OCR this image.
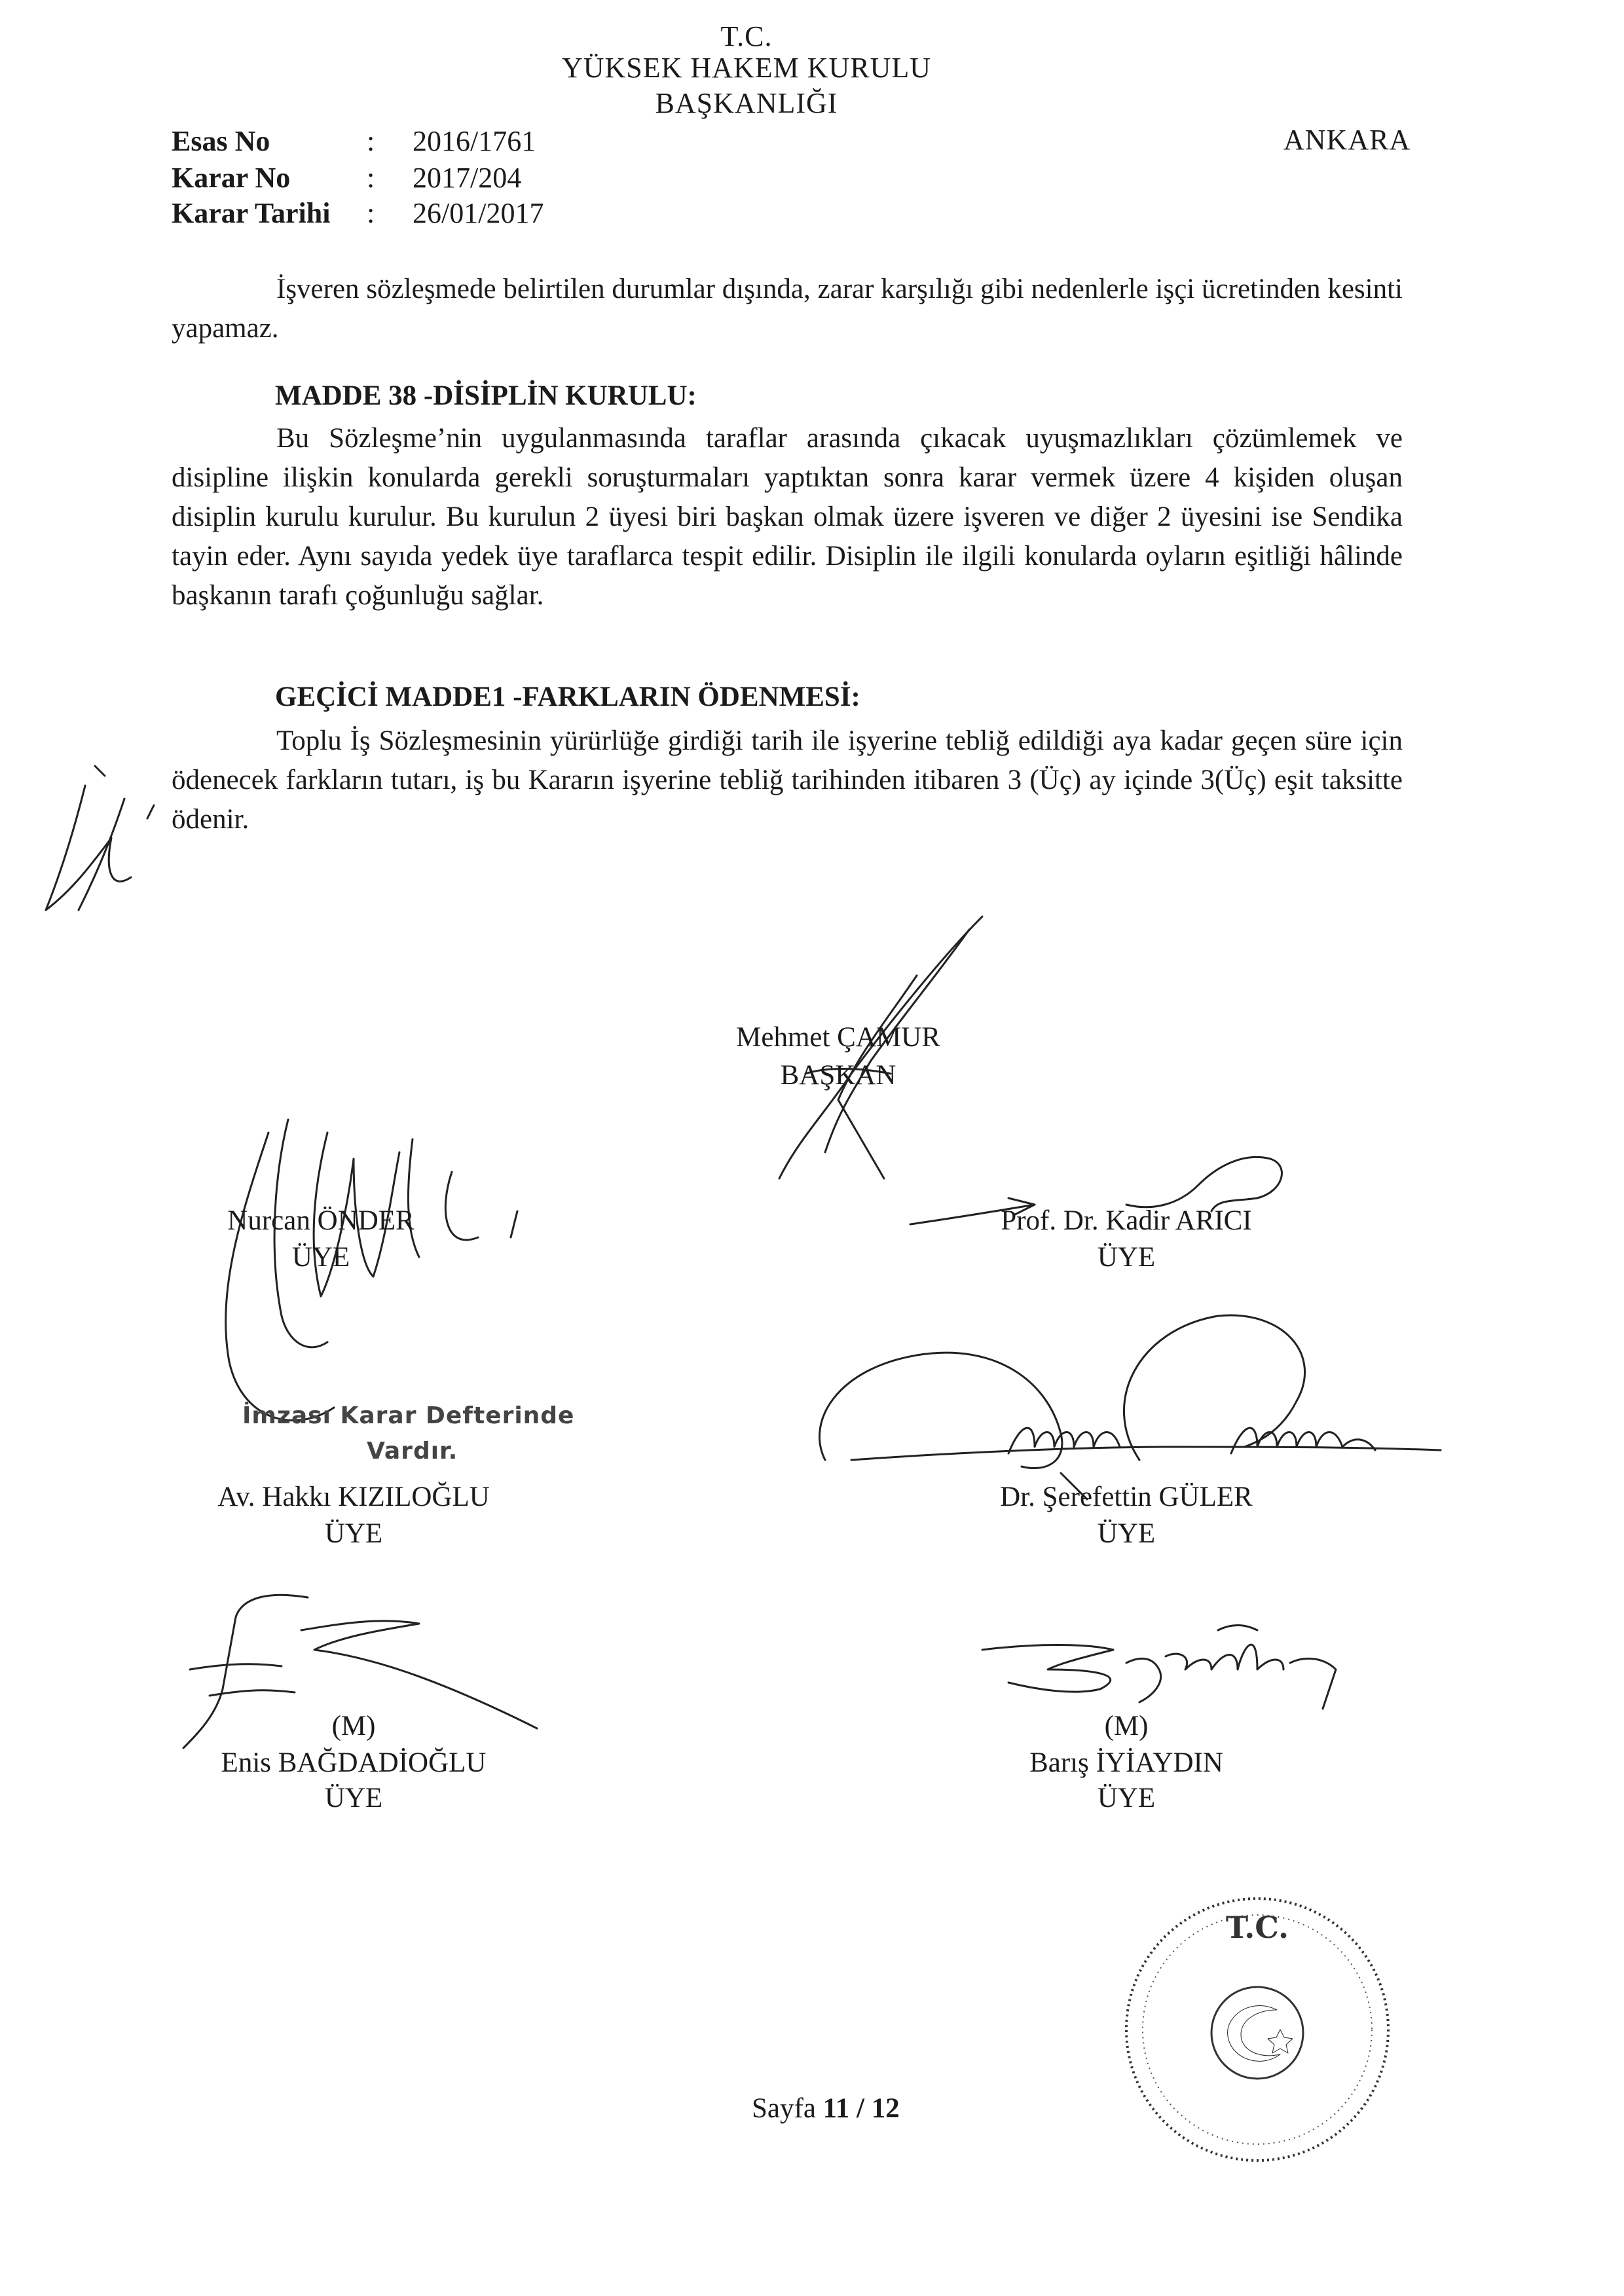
T.C.
YÜKSEK HAKEM KURULU
BAŞKANLIĞI
ANKARA
Esas No	: 2016/1761
Karar No	: 2017/204
Karar Tarihi : 26/01/2017
İşveren sözleşmede belirtilen durumlar dışında, zarar karşılığı gibi nedenlerle işçi ücretinden kesinti yapamaz.
MADDE 38 -DİSİPLİN KURULU:
Bu Sözleşme’nin uygulanmasında taraflar arasında çıkacak uyuşmazlıkları çözümlemek ve disipline ilişkin konularda gerekli soruşturmaları yaptıktan sonra karar vermek üzere 4 kişiden oluşan disiplin kurulu kurulur. Bu kurulun 2 üyesi biri başkan olmak üzere işveren ve diğer 2 üyesini ise Sendika tayin eder. Aynı sayıda yedek üye taraflarca tespit edilir. Disiplin ile ilgili konularda oyların eşitliği hâlinde başkanın tarafı çoğunluğu sağlar.
GEÇİCİ MADDE1 -FARKLARIN ÖDENMESİ:
Toplu İş Sözleşmesinin yürürlüğe girdiği tarih ile işyerine tebliğ edildiği aya kadar geçen süre için ödenecek farkların tutarı, iş bu Kararın işyerine tebliğ tarihinden itibaren 3 (Üç) ay içinde 3(Üç) eşit taksitte ödenir.
Mehmet ÇAMUR
BAŞKAN
Nurcan ÖNDER
ÜYE
Prof. Dr. Kadir ARICI
ÜYE
İmzası Karar Defterinde
Vardır.
Av. Hakkı KIZILOĞLU
ÜYE
Dr. Şerefettin GÜLER
ÜYE
(M)
Enis BAĞDADİOĞLU
ÜYE
(M)
Barış İYİAYDIN
ÜYE
T.C.
Sayfa 11 / 12
